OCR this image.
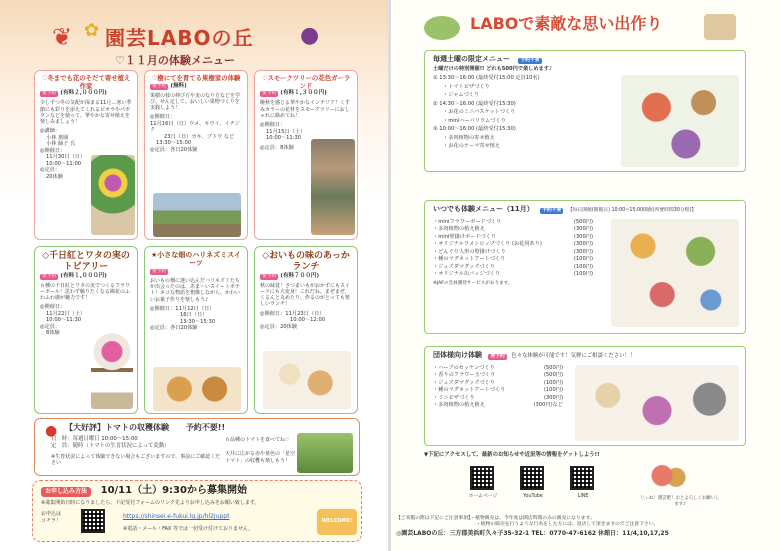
❦ ✿ 園芸LABOの丘
♡１１月の体験メニュー
●
♡冬までも花のそだて寄せ植え作家
要予約 (有料２,０００円)
少しずつ冬の気配が深まる11月…寒い季節にも彩りを添えてくれるビオラやパボタンなどを使って、華やかな寄せ植えを楽しみましょう！
◎講師：
小林 惠園
小林 師子 氏
◎開催日：
11月30日（日）
10:00〜11:00
◎定員：
20体験
♡樹にてを育てる果樹家の体験
要予約 (無料)
果樹の枝の伸び方や実のなり方などを学び、せん定して、おいしい果物づくりを実践しよう！
◎開催日：
11月16日（日）ウメ、キウイ、イチジク
23日（日）カキ、ブドウ など
13:30〜15:00
◎定員：各日20体験
♡スモークツリーの花色ガーランド
要予約 (有料１,３００円)
晩秋を感じる華やかなインテリア！くすみカラーの花材をスモークツリーにおしゃれに絡めてね！
◎開催日：
11月15日（土）
10:00〜11:30
◎定員：8体験
◇千日紅とワタの実のトピアリー
要予約 (有料１,０００円)
６種の千日紅とワタの実でつくるフラワーボール！思わず触りたくなる綿花のふわふわ感が魅力です！
◎開催日：
11月22日（土）
10:00〜11:30
◎定員：
8体験
★小さな畑のハリネズミスイーツ
要予約
おいもの畑に迷い込んだハリネズミたちが出会ったのは、あま〜いスイートポテト！ネコな物語を想像しながら、かわいいお菓子作りを楽しもう♪
◎開催日：11月12日（日）
16日（日）
13:30〜15:30
◎定員：各日20体験
◇おいもの味のあっかランチ
要予約 (有料７００円)
秋の味覚！さつまいもがおかずにもスイーツにも大変身！これだね、まぜまぜ、くるんと丸めたり、作るのがとっても楽しいランチ！
◎開催日：11月23日（日）
10:00〜12:00
◎定員：20体験
● 【大好評】トマトの収穫体験 予約不要!!
日　時：毎週日曜日 10:00〜15:00
定　員：随時（トマトの生育状況によって変動）
※生育状況によって体験できない場合もございますので、事前にご確認ください
６品種のトマトを食べてね♡
天井に広がる赤や黄色の「星空トマト」の収穫も楽しもう！
お申し込み方法 10/11（土）9:30から募集開始
※募集開始日時になりましたら、下記受付フォームのリンク先よりお申し込みをお願い致します。
お申込はコチラ！
https://shinsei.e-fukui.lg.jp/hl2Juppt
※電話・メール・FAX 等では一切受け付けておりません。
WELCOME!
LABOで素敵な思い出作り
毎週土曜の限定メニュー 予約不要
土曜だけの特別開催!! どれも500円で楽しめます♪
① 13:30〜16:00 (最終受付15:00 定員10名)
・トマトピザづくり
・ジャムづくり
② 14:30〜16:00 (最終受付15:30)
・お花のミニバスケットづくり
・miniハーバリウムづくり
③ 10:00〜16:00 (最終受付15:30)
・多肉植物の寄せ植え
・お花のテーマ寄せ植え
いつでも体験メニュー（11月） 予約不要 【毎日開催(開館日) 10:00~15:00開催(所要時間30分程)】
・miniフラワーボードづくり	(500円)
・多肉植物の植え植え	(300円)
・mini壁掛けボードづくり	(300円)
・オリジナルワメシロップづくり (お花用あり)	(300円)
・どんぐり人形の壁掛けづくり	(300円)
・種のマグネットアートづくり	(100円)
・ジュズダマグッズづくり	(100円)
・オリジナル缶バッジづくり	(100円)
※JAFの会員優待サービスがあります。
団体様向け体験 要予約 色々な体験が可能です！気軽にご相談ください！！
・ハーブのセッケンづくり	(500円)
・香りのフラワー玉づくり	(500円)
・ジュズダマグッズづくり	(100円)
・種のマグネットアートづくり	(100円)
・ミニピザづくり	(300円)
・多肉植物の植え植え	(300円)など
▼下記にアクセスして、最新のお知らせや近況等の情報をゲットしよう!!
ホームページ	YouTube	LINE	じぃね！園芸吧！おとよろしくお願いします♪
【ご来館の際は下記にご注意事項】・植物販売は、今年度は開店時間のみの販売になります。
・植物の販売を行うような行為をした方には、退店して頂きますのでご注意下さい。
◎園芸LABOの丘：三方郡美浜町久々子35-32-1 TEL：0770-47-6162 休館日：11/4,10,17,25
